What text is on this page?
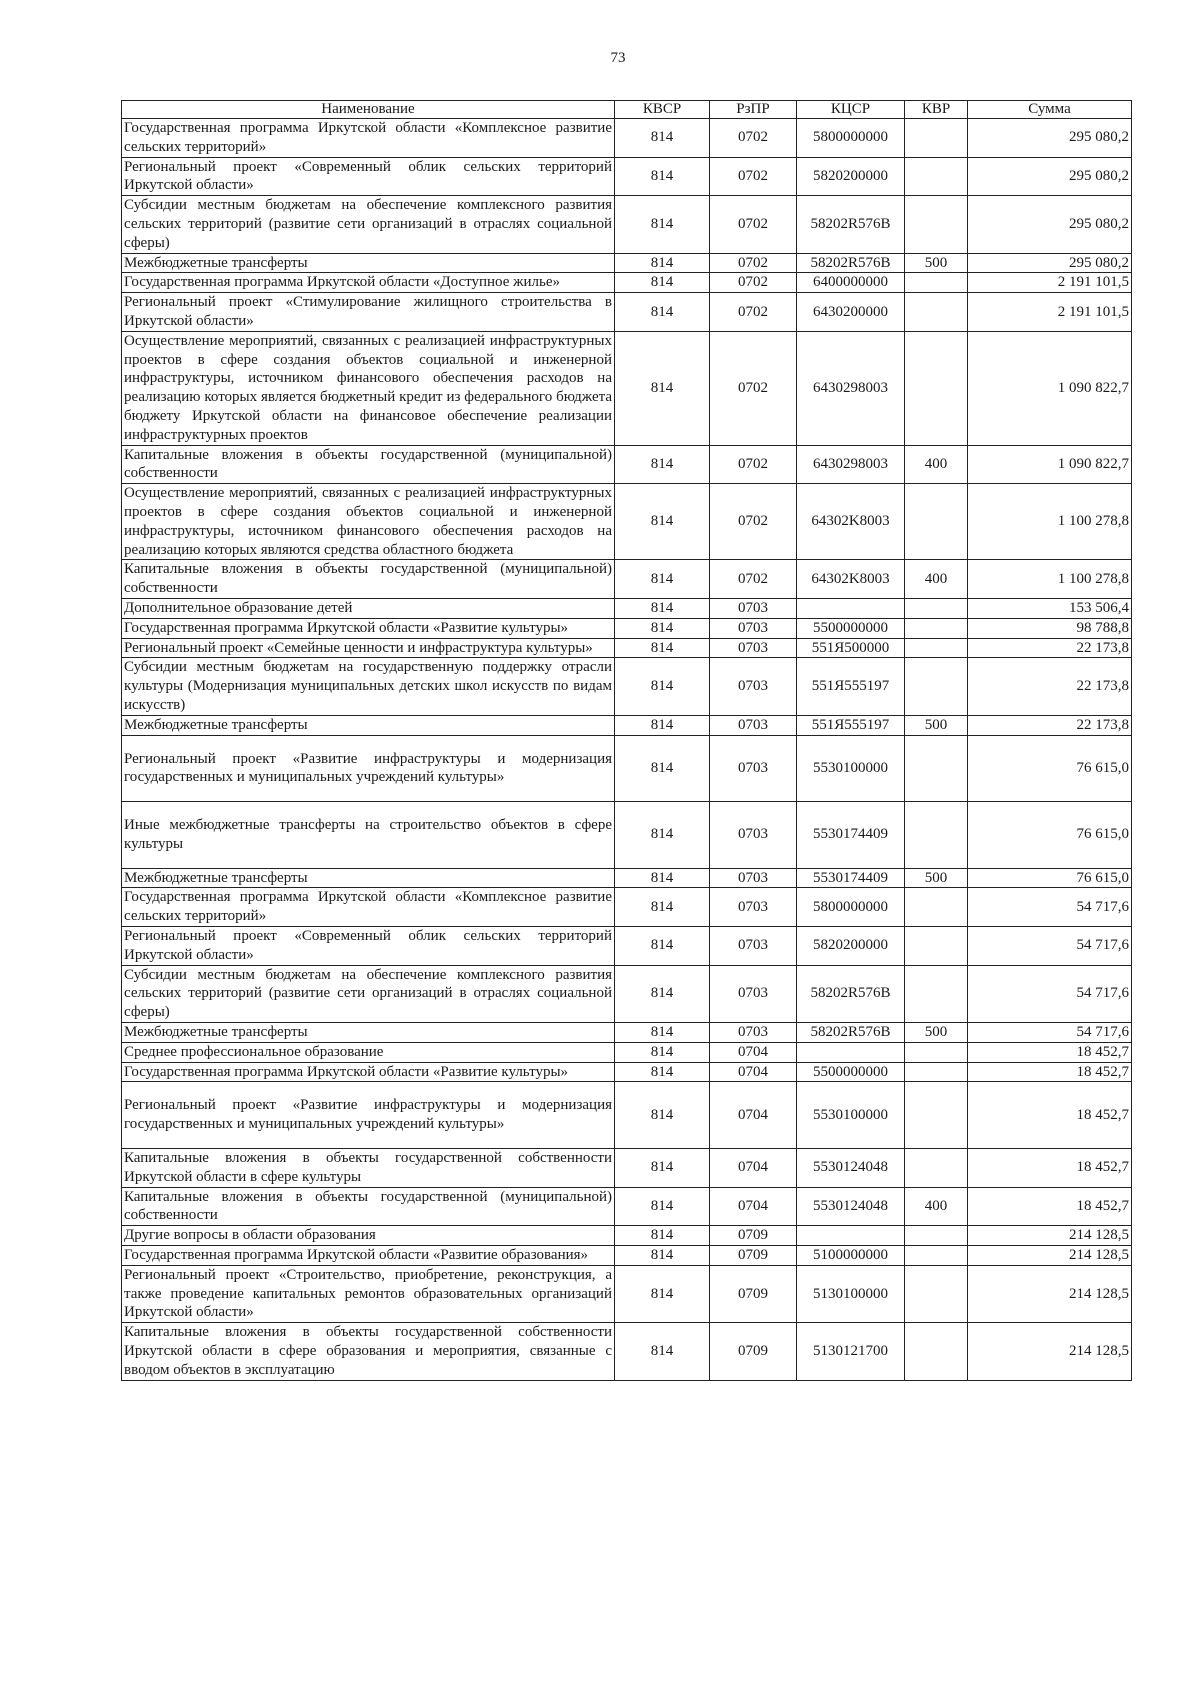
73
Наименование	КВСР	РзПР	КЦСР	КВР	Сумма
Государственная программа Иркутской области «Комплексное развитие сельских территорий»	814	0702	5800000000		295 080,2
Региональный проект «Современный облик сельских территорий Иркутской области»	814	0702	5820200000		295 080,2
Субсидии местным бюджетам на обеспечение комплексного развития сельских территорий (развитие сети организаций в отраслях социальной сферы)	814	0702	58202R576B		295 080,2
Межбюджетные трансферты	814	0702	58202R576B	500	295 080,2
Государственная программа Иркутской области «Доступное жилье»	814	0702	6400000000		2 191 101,5
Региональный проект «Стимулирование жилищного строительства в Иркутской области»	814	0702	6430200000		2 191 101,5
Осуществление мероприятий, связанных с реализацией инфраструктурных проектов в сфере создания объектов социальной и инженерной инфраструктуры, источником финансового обеспечения расходов на реализацию которых является бюджетный кредит из федерального бюджета бюджету Иркутской области на финансовое обеспечение реализации инфраструктурных проектов	814	0702	6430298003		1 090 822,7
Капитальные вложения в объекты государственной (муниципальной) собственности	814	0702	6430298003	400	1 090 822,7
Осуществление мероприятий, связанных с реализацией инфраструктурных проектов в сфере создания объектов социальной и инженерной инфраструктуры, источником финансового обеспечения расходов на реализацию которых являются средства областного бюджета	814	0702	64302K8003		1 100 278,8
Капитальные вложения в объекты государственной (муниципальной) собственности	814	0702	64302K8003	400	1 100 278,8
Дополнительное образование детей	814	0703			153 506,4
Государственная программа Иркутской области «Развитие культуры»	814	0703	5500000000		98 788,8
Региональный проект «Семейные ценности и инфраструктура культуры»	814	0703	551Я500000		22 173,8
Субсидии местным бюджетам на государственную поддержку отрасли культуры (Модернизация муниципальных детских школ искусств по видам искусств)	814	0703	551Я555197		22 173,8
Межбюджетные трансферты	814	0703	551Я555197	500	22 173,8
Региональный проект «Развитие инфраструктуры и модернизация государственных и муниципальных учреждений культуры»	814	0703	5530100000		76 615,0
Иные межбюджетные трансферты на строительство объектов в сфере культуры	814	0703	5530174409		76 615,0
Межбюджетные трансферты	814	0703	5530174409	500	76 615,0
Государственная программа Иркутской области «Комплексное развитие сельских территорий»	814	0703	5800000000		54 717,6
Региональный проект «Современный облик сельских территорий Иркутской области»	814	0703	5820200000		54 717,6
Субсидии местным бюджетам на обеспечение комплексного развития сельских территорий (развитие сети организаций в отраслях социальной сферы)	814	0703	58202R576B		54 717,6
Межбюджетные трансферты	814	0703	58202R576B	500	54 717,6
Среднее профессиональное образование	814	0704			18 452,7
Государственная программа Иркутской области «Развитие культуры»	814	0704	5500000000		18 452,7
Региональный проект «Развитие инфраструктуры и модернизация государственных и муниципальных учреждений культуры»	814	0704	5530100000		18 452,7
Капитальные вложения в объекты государственной собственности Иркутской области в сфере культуры	814	0704	5530124048		18 452,7
Капитальные вложения в объекты государственной (муниципальной) собственности	814	0704	5530124048	400	18 452,7
Другие вопросы в области образования	814	0709			214 128,5
Государственная программа Иркутской области «Развитие образования»	814	0709	5100000000		214 128,5
Региональный проект «Строительство, приобретение, реконструкция, а также проведение капитальных ремонтов образовательных организаций Иркутской области»	814	0709	5130100000		214 128,5
Капитальные вложения в объекты государственной собственности Иркутской области в сфере образования и мероприятия, связанные с вводом объектов в эксплуатацию	814	0709	5130121700		214 128,5
